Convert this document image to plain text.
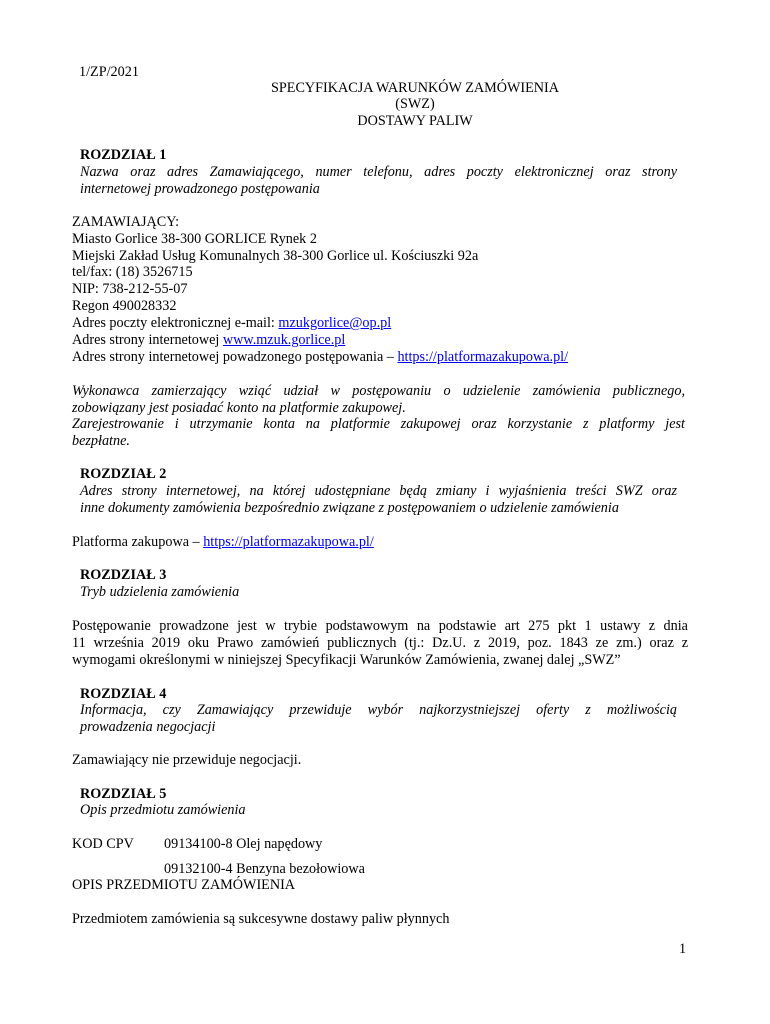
1/ZP/2021
SPECYFIKACJA WARUNKÓW ZAMÓWIENIA
(SWZ)
DOSTAWY PALIW
ROZDZIAŁ 1
Nazwa oraz adres Zamawiającego, numer telefonu, adres poczty elektronicznej oraz strony
internetowej prowadzonego postępowania
ZAMAWIAJĄCY:
Miasto Gorlice 38-300 GORLICE Rynek 2
Miejski Zakład Usług Komunalnych 38-300 Gorlice ul. Kościuszki 92a
tel/fax: (18) 3526715
NIP: 738-212-55-07
Regon 490028332
Adres poczty elektronicznej e-mail: mzukgorlice@op.pl
Adres strony internetowej www.mzuk.gorlice.pl
Adres strony internetowej powadzonego postępowania – https://platformazakupowa.pl/
Wykonawca zamierzający wziąć udział w postępowaniu o udzielenie zamówienia publicznego,
zobowiązany jest posiadać konto na platformie zakupowej.
Zarejestrowanie i utrzymanie konta na platformie zakupowej oraz korzystanie z platformy jest
bezpłatne.
ROZDZIAŁ 2
Adres strony internetowej, na której udostępniane będą zmiany i wyjaśnienia treści SWZ oraz
inne dokumenty zamówienia bezpośrednio związane z postępowaniem o udzielenie zamówienia
Platforma zakupowa – https://platformazakupowa.pl/
ROZDZIAŁ 3
Tryb udzielenia zamówienia
Postępowanie prowadzone jest w trybie podstawowym na podstawie art 275 pkt 1 ustawy z dnia
11 września 2019 oku Prawo zamówień publicznych (tj.: Dz.U. z 2019, poz. 1843 ze zm.) oraz z
wymogami określonymi w niniejszej Specyfikacji Warunków Zamówienia, zwanej dalej „SWZ”
ROZDZIAŁ 4
Informacja, czy Zamawiający przewiduje wybór najkorzystniejszej oferty z możliwością
prowadzenia negocjacji
Zamawiający nie przewiduje negocjacji.
ROZDZIAŁ 5
Opis przedmiotu zamówienia
KOD CPV 09134100-8 Olej napędowy
09132100-4 Benzyna bezołowiowa
OPIS PRZEDMIOTU ZAMÓWIENIA
Przedmiotem zamówienia są sukcesywne dostawy paliw płynnych
1
